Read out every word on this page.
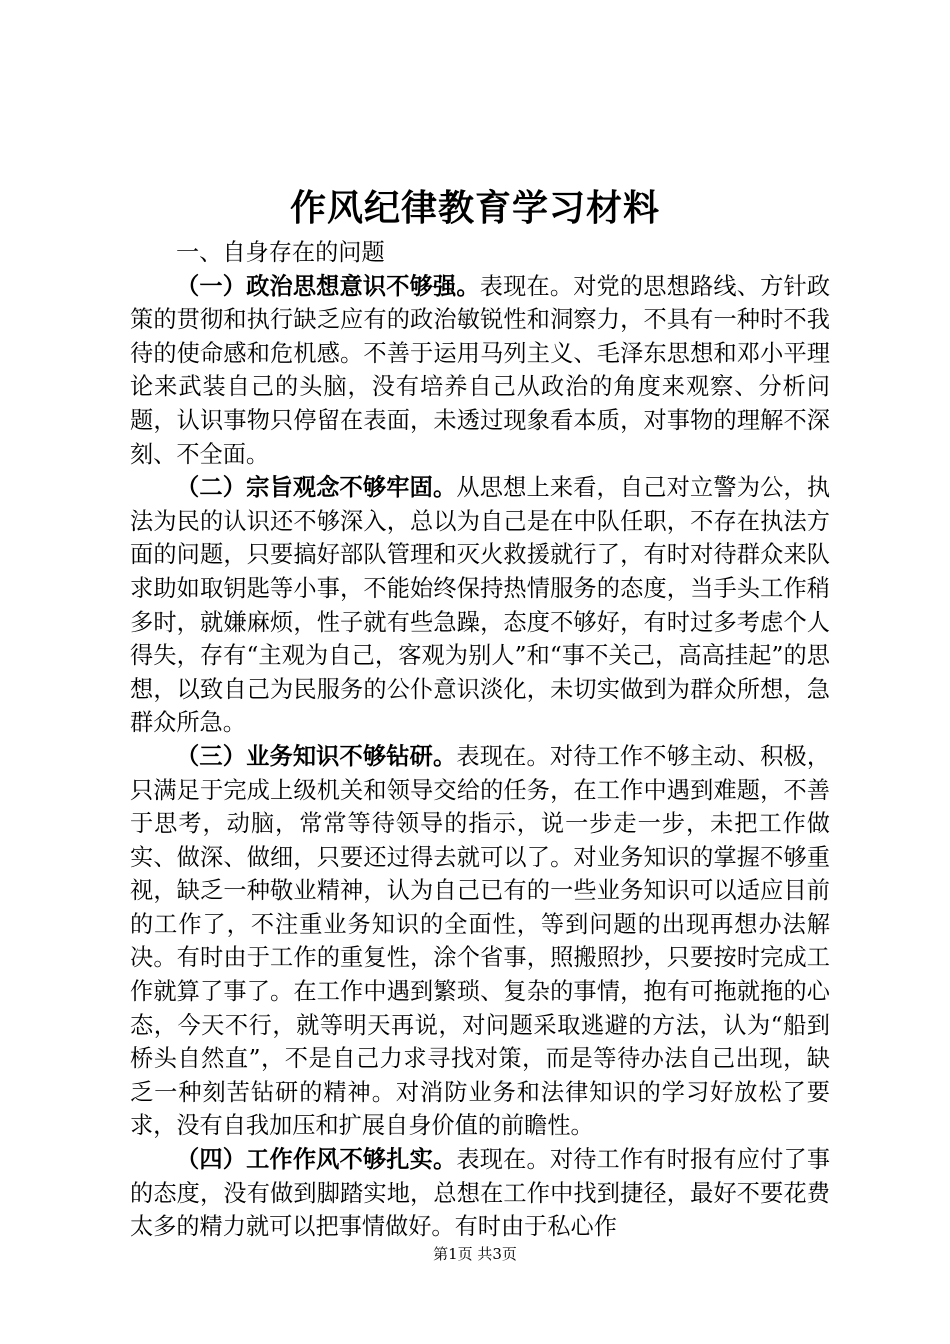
作风纪律教育学习材料

一、自身存在的问题

（一）政治思想意识不够强。表现在。对党的思想路线、方针政策的贯彻和执行缺乏应有的政治敏锐性和洞察力，不具有一种时不我待的使命感和危机感。不善于运用马列主义、毛泽东思想和邓小平理论来武装自己的头脑，没有培养自己从政治的角度来观察、分析问题，认识事物只停留在表面，未透过现象看本质，对事物的理解不深刻、不全面。

（二）宗旨观念不够牢固。从思想上来看，自己对立警为公，执法为民的认识还不够深入，总以为自己是在中队任职，不存在执法方面的问题，只要搞好部队管理和灭火救援就行了，有时对待群众来队求助如取钥匙等小事，不能始终保持热情服务的态度，当手头工作稍多时，就嫌麻烦，性子就有些急躁，态度不够好，有时过多考虑个人得失，存有“主观为自己，客观为别人”和“事不关己，高高挂起”的思想，以致自己为民服务的公仆意识淡化，未切实做到为群众所想，急群众所急。

（三）业务知识不够钻研。表现在。对待工作不够主动、积极，只满足于完成上级机关和领导交给的任务，在工作中遇到难题，不善于思考，动脑，常常等待领导的指示，说一步走一步，未把工作做实、做深、做细，只要还过得去就可以了。对业务知识的掌握不够重视，缺乏一种敬业精神，认为自己已有的一些业务知识可以适应目前的工作了，不注重业务知识的全面性，等到问题的出现再想办法解决。有时由于工作的重复性，涂个省事，照搬照抄，只要按时完成工作就算了事了。在工作中遇到繁琐、复杂的事情，抱有可拖就拖的心态，今天不行，就等明天再说，对问题采取逃避的方法，认为“船到桥头自然直”，不是自己力求寻找对策，而是等待办法自己出现，缺乏一种刻苦钻研的精神。对消防业务和法律知识的学习好放松了要求，没有自我加压和扩展自身价值的前瞻性。

（四）工作作风不够扎实。表现在。对待工作有时报有应付了事的态度，没有做到脚踏实地，总想在工作中找到捷径，最好不要花费太多的精力就可以把事情做好。有时由于私心作

第1页 共3页
